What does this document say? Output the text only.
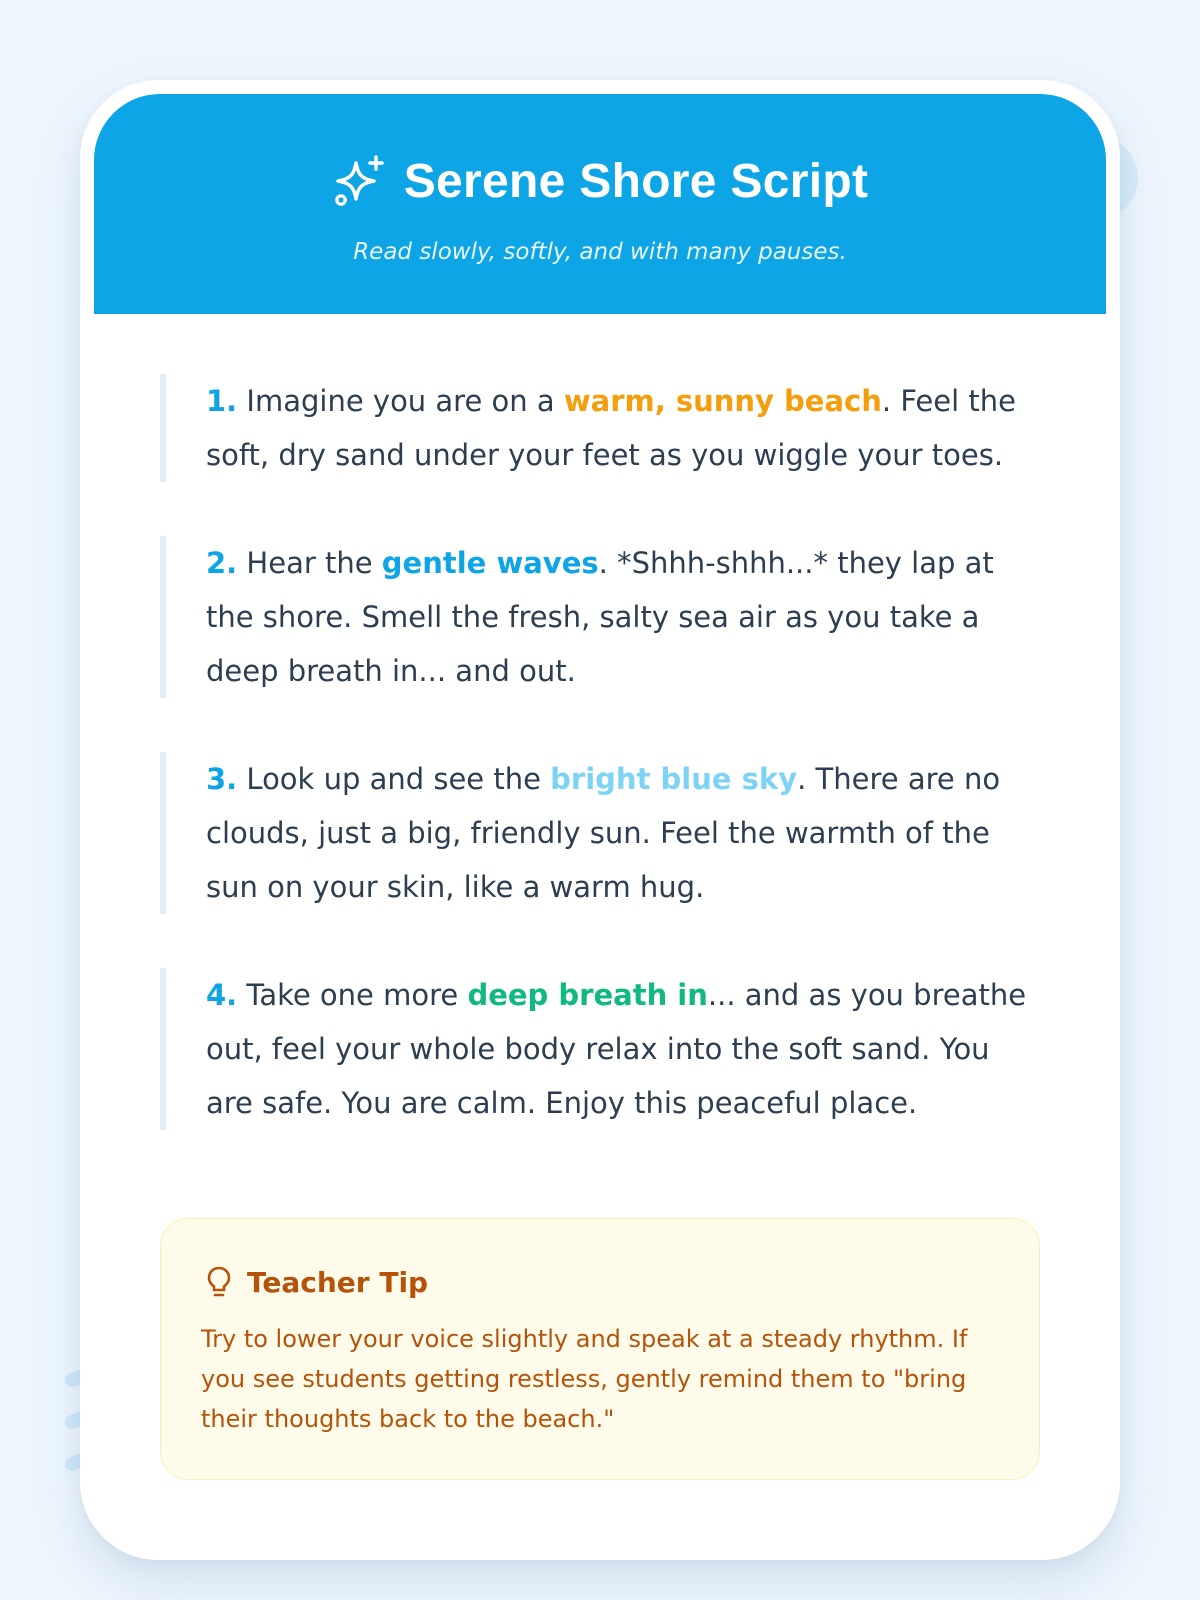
Serene Shore Script
Read slowly, softly, and with many pauses.
1. Imagine you are on a warm, sunny beach. Feel the soft, dry sand under your feet as you wiggle your toes.
2. Hear the gentle waves. *Shhh-shhh...* they lap at the shore. Smell the fresh, salty sea air as you take a deep breath in... and out.
3. Look up and see the bright blue sky. There are no clouds, just a big, friendly sun. Feel the warmth of the sun on your skin, like a warm hug.
4. Take one more deep breath in... and as you breathe out, feel your whole body relax into the soft sand. You are safe. You are calm. Enjoy this peaceful place.
Teacher Tip
Try to lower your voice slightly and speak at a steady rhythm. If you see students getting restless, gently remind them to "bring their thoughts back to the beach."
